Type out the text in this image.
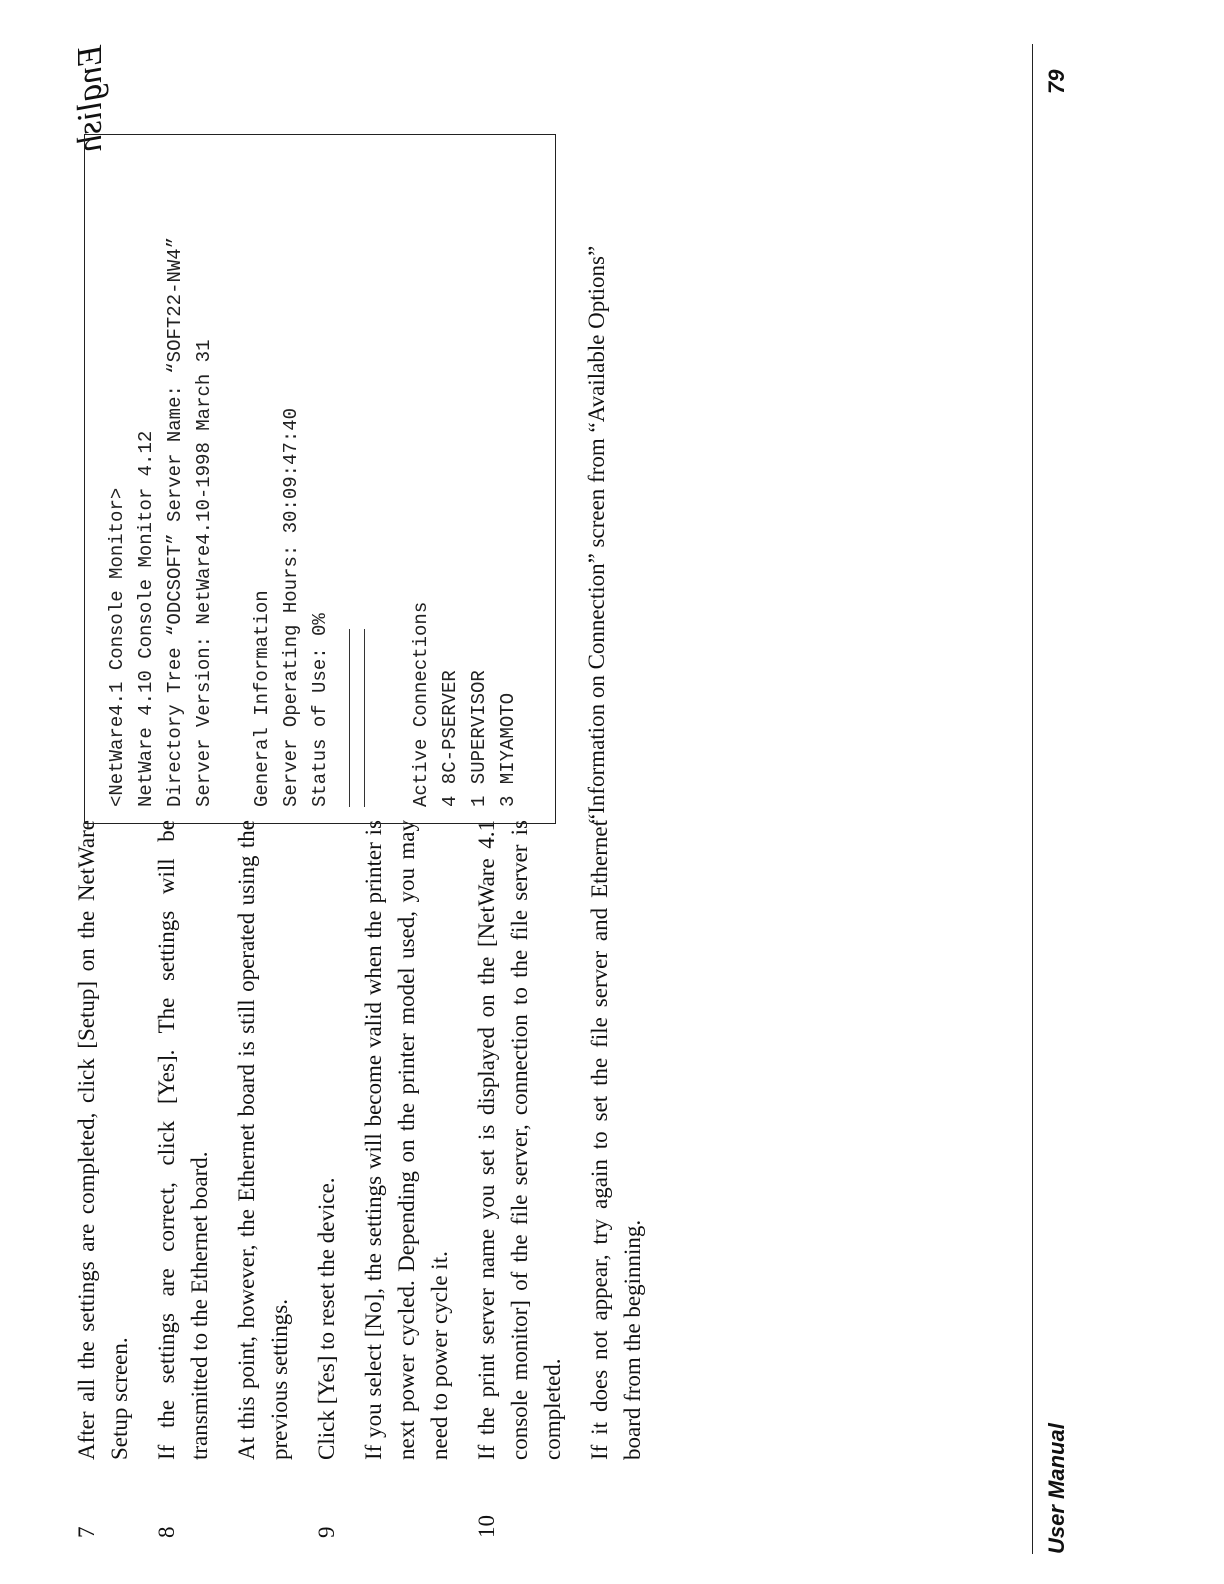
English
7
After all the settings are completed, click [Setup] on the NetWare Setup screen.
8
If the settings are correct, click [Yes]. The settings will be transmitted to the Ethernet board. At this point, however, the Ethernet board is still operated using the previous settings.
9
Click [Yes] to reset the device. If you select [No], the settings will become valid when the printer is next power cycled. Depending on the printer model used, you may need to power cycle it.
10
If the print server name you set is displayed on the [NetWare 4.1 console monitor] of the file server, connection to the file server is completed. If it does not appear, try again to set the file server and Ethernet board from the beginning.
<NetWare4.1 Console Monitor> NetWare 4.10 Console Monitor 4.12 Directory Tree “ODCSOFT” Server Name: “SOFT22-NW4” Server Version: NetWare4.10-1998 March 31 General Information Server Operating Hours: 30:09:47:40 Status of Use: 0%	Active Connections 4 8C-PSERVER 1 SUPERVISOR 3 MIYAMOTO	“Information on Connection” screen from “Available Options”
User Manual
79
